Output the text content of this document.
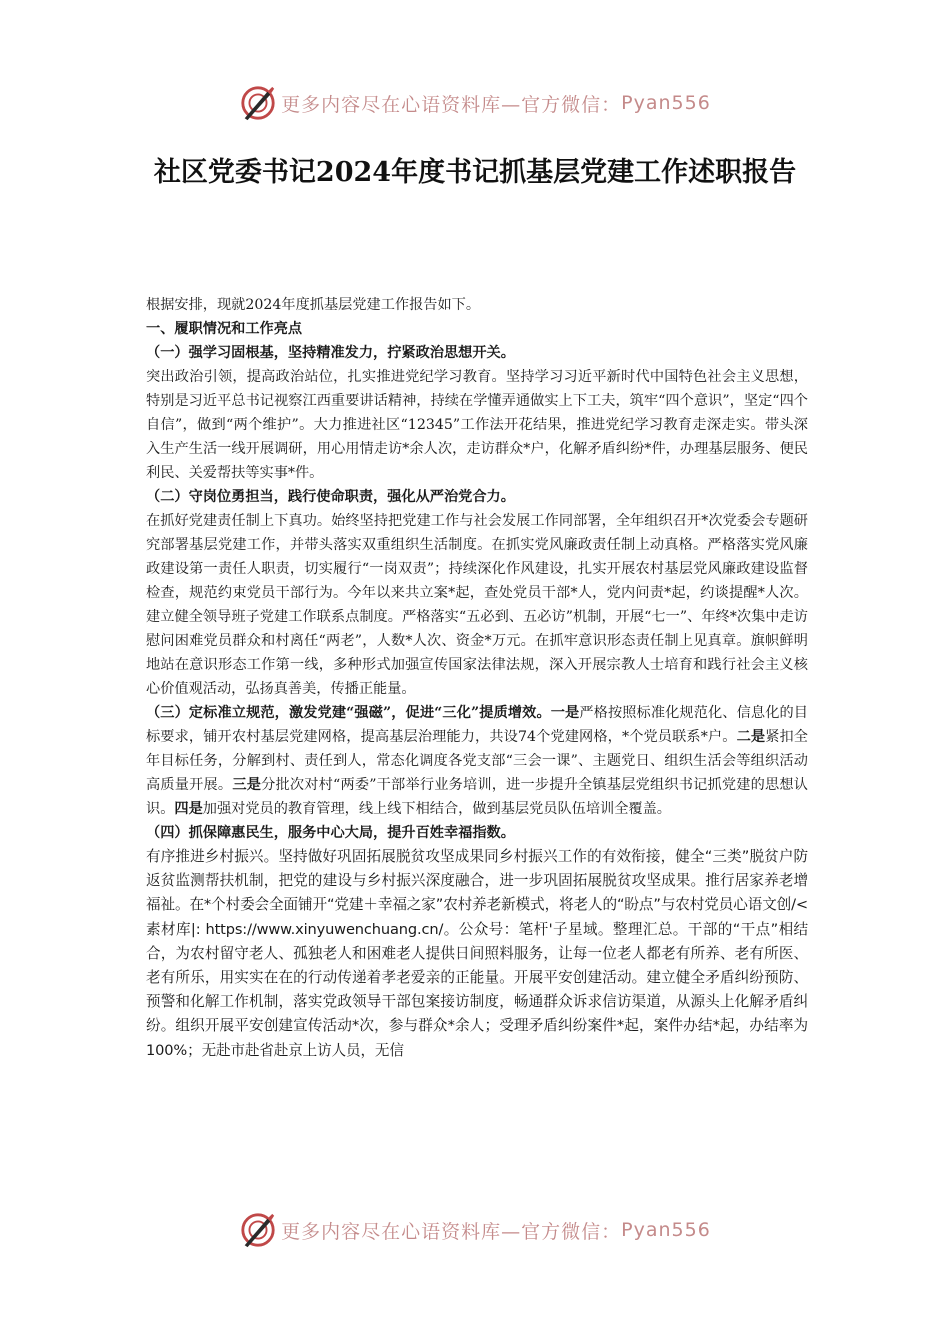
更多内容尽在心语资料库—官方微信： Pyan556
社区党委书记2024年度书记抓基层党建工作述职报告

根据安排，现就2024年度抓基层党建工作报告如下。

一、履职情况和工作亮点

（一）强学习固根基，坚持精准发力，拧紧政治思想开关。

突出政治引领，提高政治站位，扎实推进党纪学习教育。坚持学习习近平新时代中国特色社会主义思想，特别是习近平总书记视察江西重要讲话精神，持续在学懂弄通做实上下工夫，筑牢“四个意识”，坚定“四个自信”，做到“两个维护”。大力推进社区“12345”工作法开花结果，推进党纪学习教育走深走实。带头深入生产生活一线开展调研，用心用情走访*余人次，走访群众*户，化解矛盾纠纷*件，办理基层服务、便民利民、关爱帮扶等实事*件。

（二）守岗位勇担当，践行使命职责，强化从严治党合力。

在抓好党建责任制上下真功。始终坚持把党建工作与社会发展工作同部署，全年组织召开*次党委会专题研究部署基层党建工作，并带头落实双重组织生活制度。在抓实党风廉政责任制上动真格。严格落实党风廉政建设第一责任人职责，切实履行“一岗双责”；持续深化作风建设，扎实开展农村基层党风廉政建设监督检查，规范约束党员干部行为。今年以来共立案*起，查处党员干部*人，党内问责*起，约谈提醒*人次。建立健全领导班子党建工作联系点制度。严格落实“五必到、五必访”机制，开展“七一”、年终*次集中走访慰问困难党员群众和村离任“两老”，人数*人次、资金*万元。在抓牢意识形态责任制上见真章。旗帜鲜明地站在意识形态工作第一线，多种形式加强宣传国家法律法规，深入开展宗教人士培育和践行社会主义核心价值观活动，弘扬真善美，传播正能量。

（三）定标准立规范，激发党建“强磁”，促进“三化”提质增效。一是严格按照标准化规范化、信息化的目标要求，铺开农村基层党建网格，提高基层治理能力，共设74个党建网格，*个党员联系*户。二是紧扣全年目标任务，分解到村、责任到人，常态化调度各党支部“三会一课”、主题党日、组织生活会等组织活动高质量开展。三是分批次对村“两委”干部举行业务培训，进一步提升全镇基层党组织书记抓党建的思想认识。四是加强对党员的教育管理，线上线下相结合，做到基层党员队伍培训全覆盖。

（四）抓保障惠民生，服务中心大局，提升百姓幸福指数。

有序推进乡村振兴。坚持做好巩固拓展脱贫攻坚成果同乡村振兴工作的有效衔接，健全“三类”脱贫户防返贫监测帮扶机制，把党的建设与乡村振兴深度融合，进一步巩固拓展脱贫攻坚成果。推行居家养老增福祉。在*个村委会全面铺开“党建＋幸福之家”农村养老新模式，将老人的“盼点”与农村党员心语文创/<素材库|: https://www.xinyuwenchuang.cn/。公众号：笔杆'子星域。整理汇总。干部的“干点”相结合，为农村留守老人、孤独老人和困难老人提供日间照料服务，让每一位老人都老有所养、老有所医、老有所乐，用实实在在的行动传递着孝老爱亲的正能量。开展平安创建活动。建立健全矛盾纠纷预防、预警和化解工作机制，落实党政领导干部包案接访制度，畅通群众诉求信访渠道，从源头上化解矛盾纠纷。组织开展平安创建宣传活动*次，参与群众*余人；受理矛盾纠纷案件*起，案件办结*起，办结率为100%；无赴市赴省赴京上访人员，无信

更多内容尽在心语资料库—官方微信： Pyan556
